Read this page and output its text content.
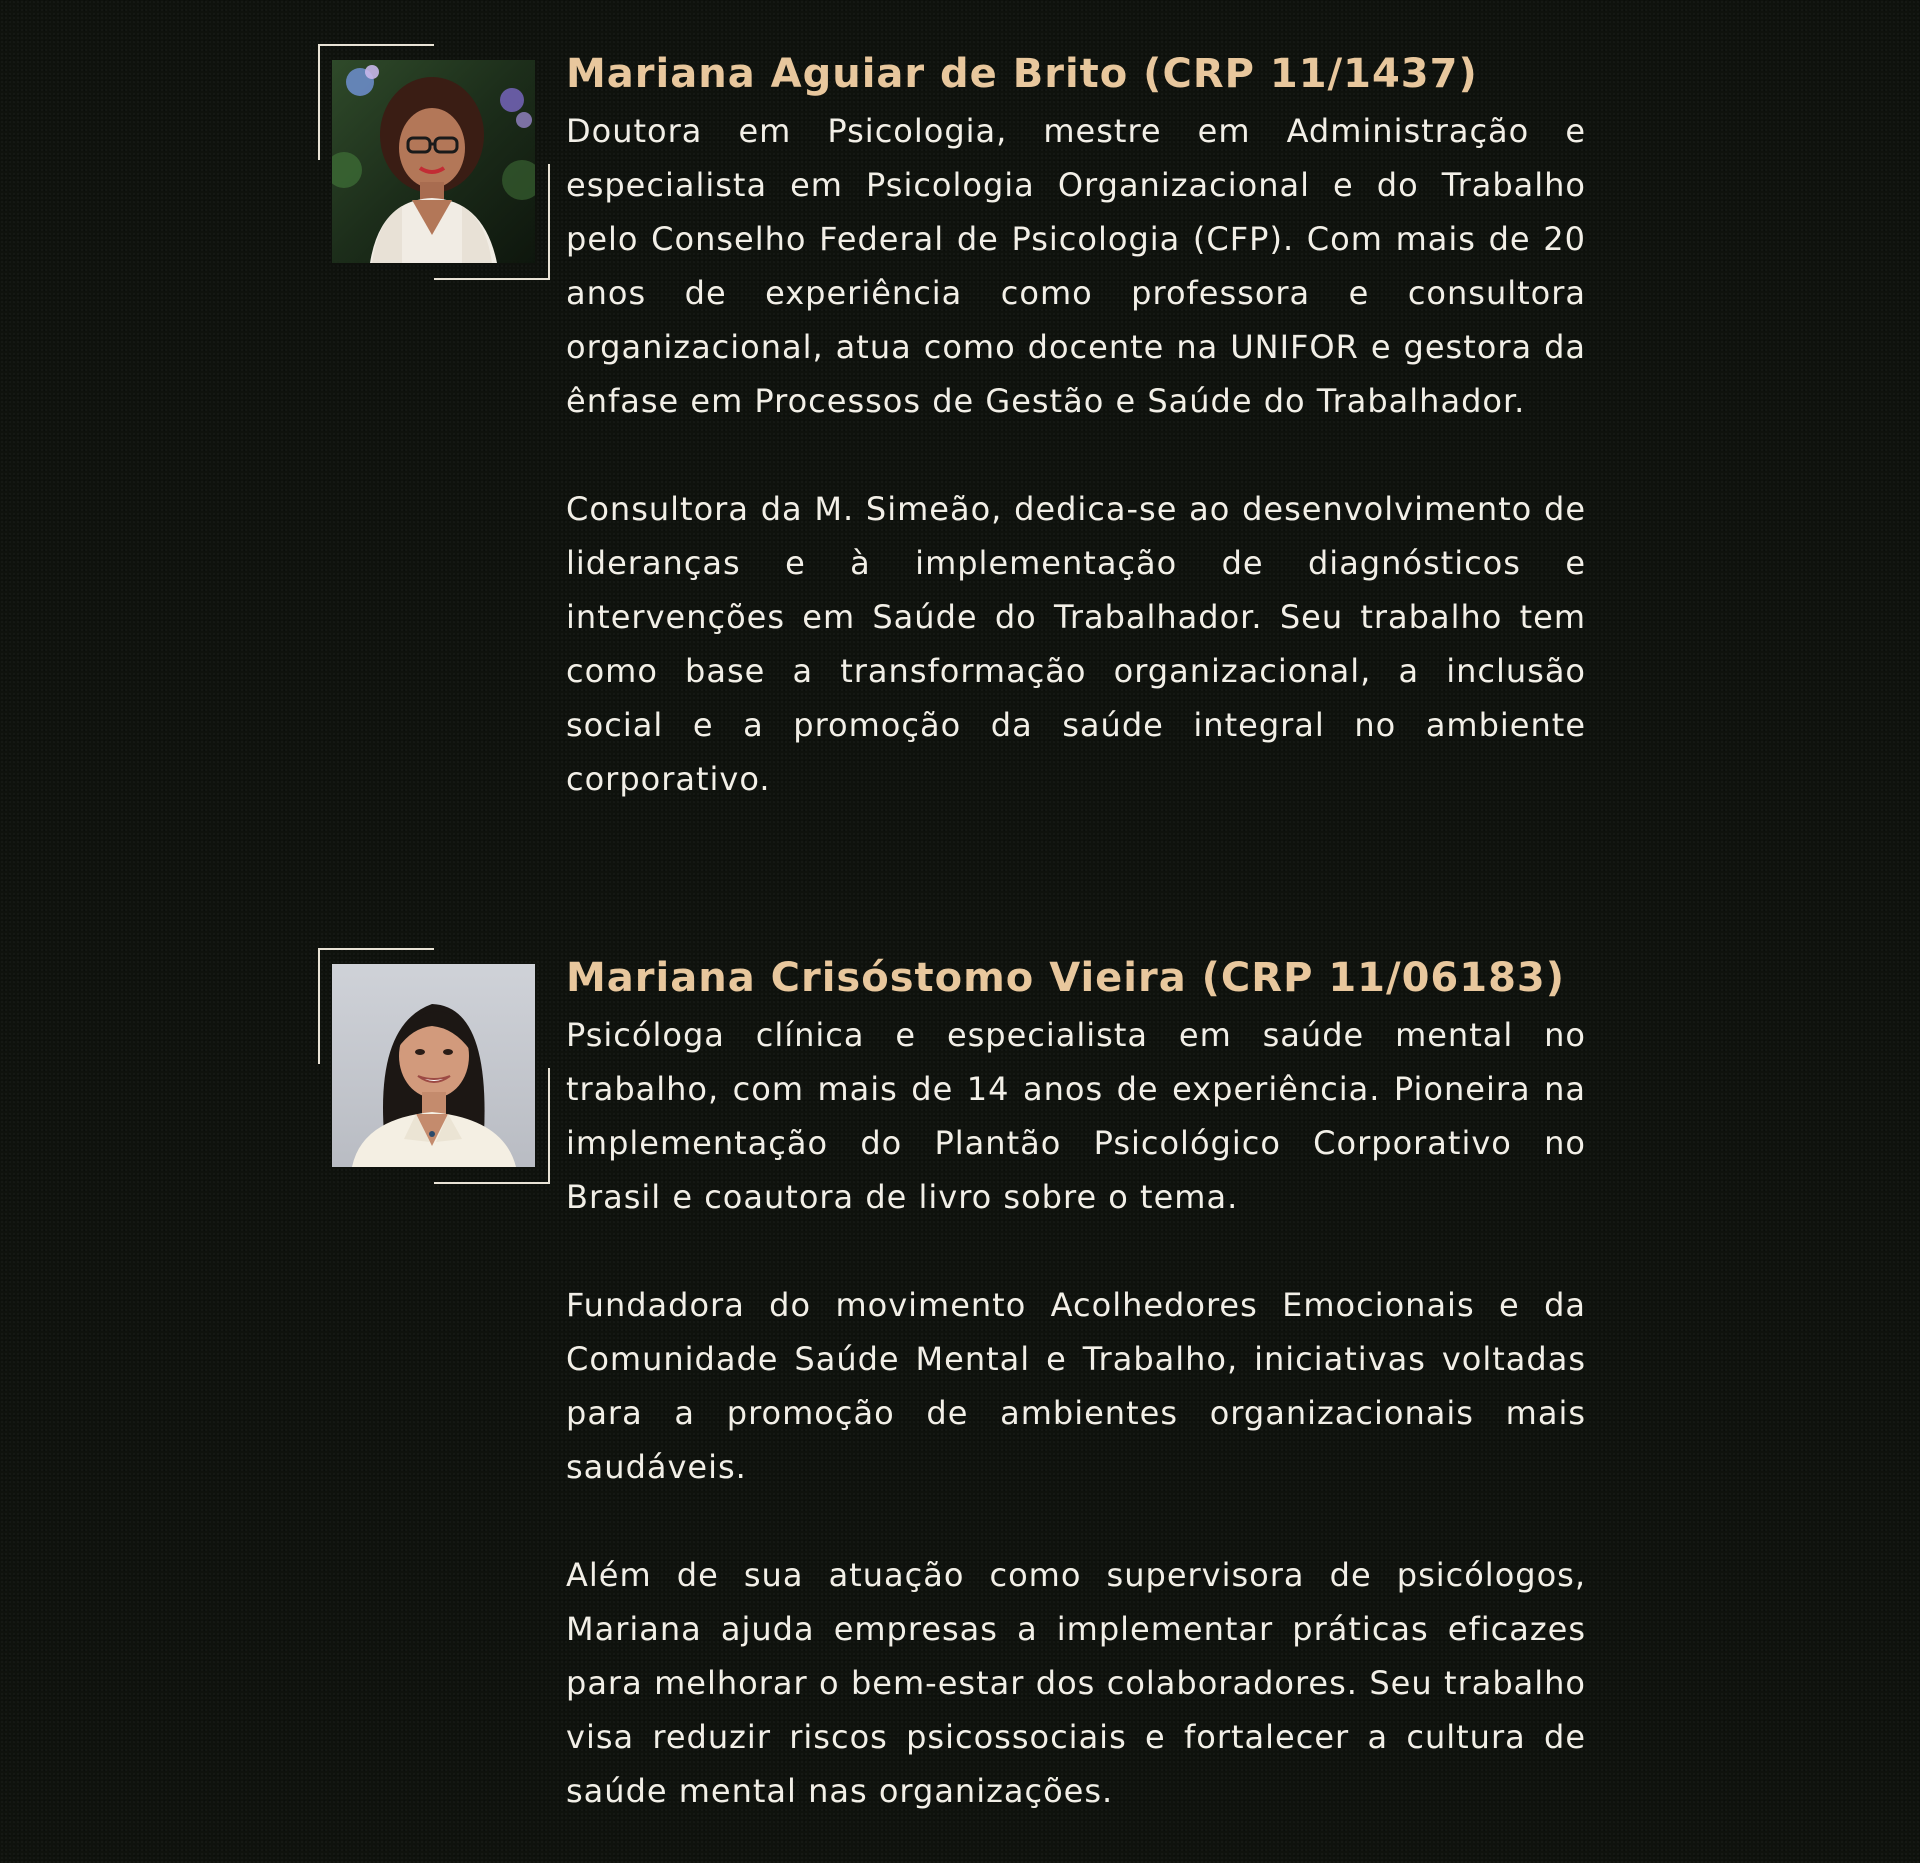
Mariana Aguiar de Brito (CRP 11/1437)

Doutora em Psicologia, mestre em Administração e especialista em Psicologia Organizacional e do Trabalho pelo Conselho Federal de Psicologia (CFP). Com mais de 20 anos de experiência como professora e consultora organizacional, atua como docente na UNIFOR e gestora da ênfase em Processos de Gestão e Saúde do Trabalhador.

Consultora da M. Simeão, dedica-se ao desenvolvimento de lideranças e à implementação de diagnósticos e intervenções em Saúde do Trabalhador. Seu trabalho tem como base a transformação organizacional, a inclusão social e a promoção da saúde integral no ambiente corporativo.

Mariana Crisóstomo Vieira (CRP 11/06183)

Psicóloga clínica e especialista em saúde mental no trabalho, com mais de 14 anos de experiência. Pioneira na implementação do Plantão Psicológico Corporativo no Brasil e coautora de livro sobre o tema.

Fundadora do movimento Acolhedores Emocionais e da Comunidade Saúde Mental e Trabalho, iniciativas voltadas para a promoção de ambientes organizacionais mais saudáveis.

Além de sua atuação como supervisora de psicólogos, Mariana ajuda empresas a implementar práticas eficazes para melhorar o bem-estar dos colaboradores. Seu trabalho visa reduzir riscos psicossociais e fortalecer a cultura de saúde mental nas organizações.
